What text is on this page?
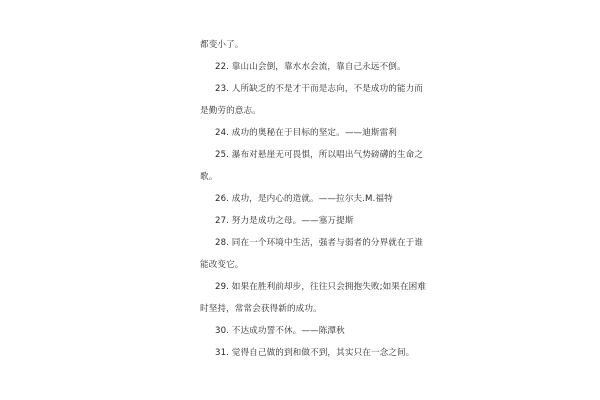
都变小了。
22. 靠山山会倒，靠水水会流，靠自己永远不倒。
23. 人所缺乏的不是才干而是志向，不是成功的能力而
是勤劳的意志。
24. 成功的奥秘在于目标的坚定。——迪斯雷利
25. 瀑布对悬崖无可畏惧，所以唱出气势磅礴的生命之
歌。
26. 成功，是内心的造就。——拉尔夫.M.福特
27. 努力是成功之母。——塞万提斯
28. 同在一个环境中生活，强者与弱者的分界就在于谁
能改变它。
29. 如果在胜利前却步，往往只会拥抱失败;如果在困难
时坚持，常常会获得新的成功。
30. 不达成功誓不休。——陈潭秋
31. 觉得自己做的到和做不到，其实只在一念之间。
